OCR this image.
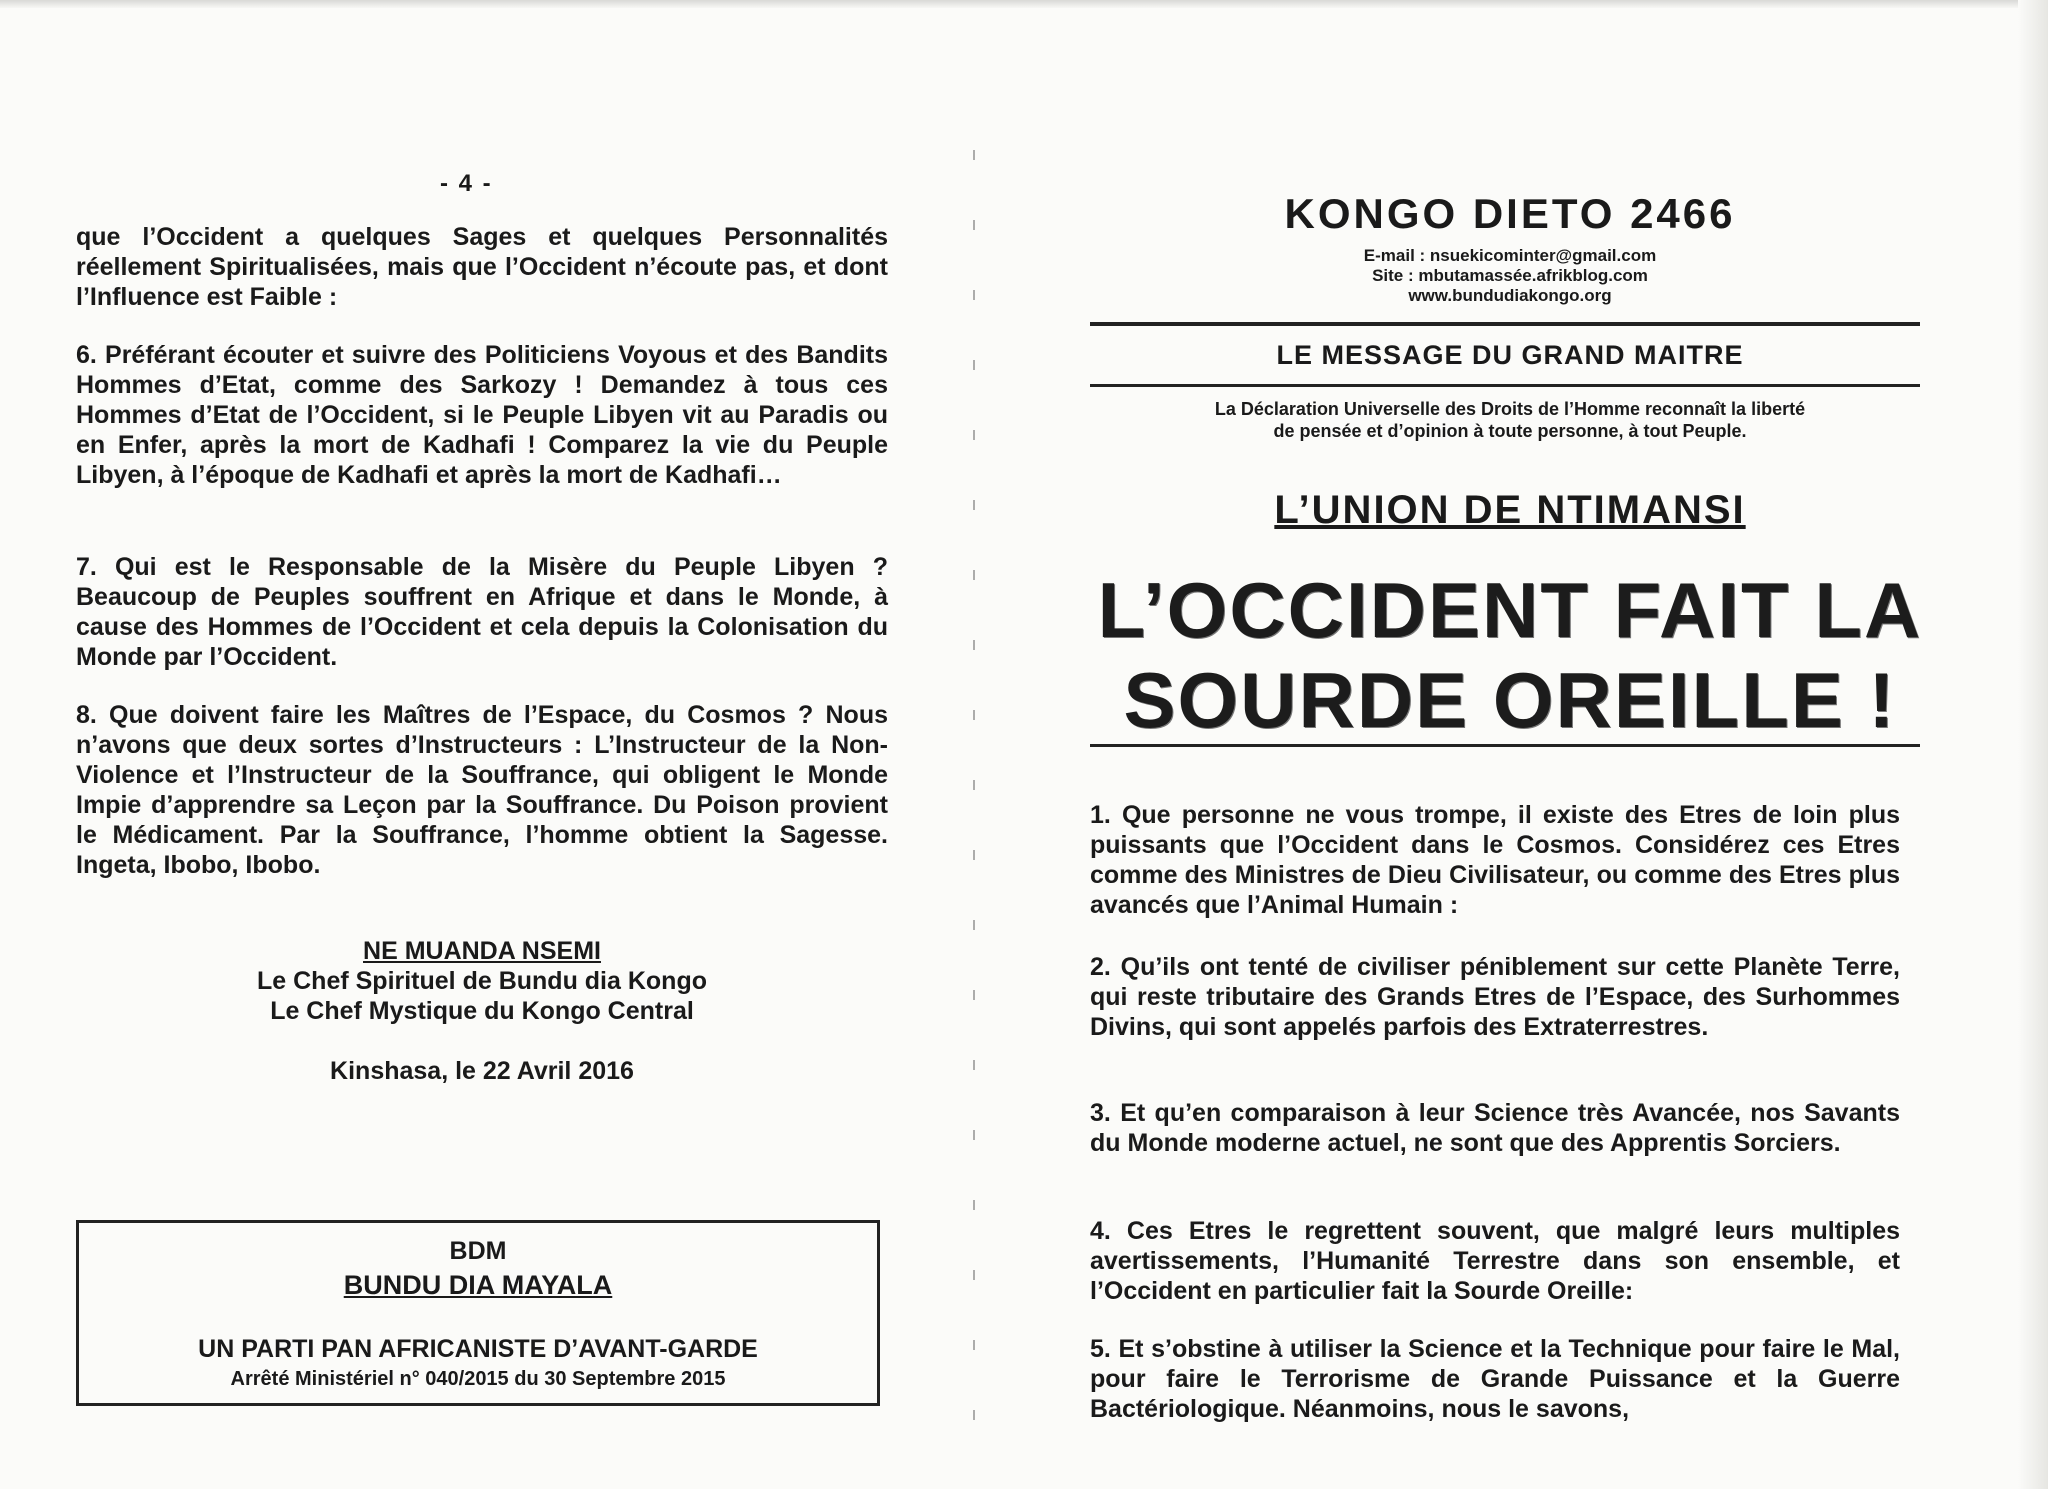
- 4 -

que l’Occident a quelques Sages et quelques Personnalités réellement Spiritualisées, mais que l’Occident n’écoute pas, et dont l’Influence est Faible :

6. Préférant écouter et suivre des Politiciens Voyous et des Bandits Hommes d’Etat, comme des Sarkozy ! Demandez à tous ces Hommes d’Etat de l’Occident, si le Peuple Libyen vit au Paradis ou en Enfer, après la mort de Kadhafi ! Comparez la vie du Peuple Libyen, à l’époque de Kadhafi et après la mort de Kadhafi…

7. Qui est le Responsable de la Misère du Peuple Libyen ? Beaucoup de Peuples souffrent en Afrique et dans le Monde, à cause des Hommes de l’Occident et cela depuis la Colonisation du Monde par l’Occident.

8. Que doivent faire les Maîtres de l’Espace, du Cosmos ? Nous n’avons que deux sortes d’Instructeurs : L’Instructeur de la Non-Violence et l’Instructeur de la Souffrance, qui obligent le Monde Impie d’apprendre sa Leçon par la Souffrance. Du Poison provient le Médicament. Par la Souffrance, l’homme obtient la Sagesse. Ingeta, Ibobo, Ibobo.

NE MUANDA NSEMI
Le Chef Spirituel de Bundu dia Kongo
Le Chef Mystique du Kongo Central
Kinshasa, le 22 Avril 2016
BDM
BUNDU DIA MAYALA
UN PARTI PAN AFRICANISTE D’AVANT-GARDE
Arrêté Ministériel n° 040/2015 du 30 Septembre 2015
KONGO DIETO 2466
E-mail : nsuekicominter@gmail.com
Site : mbutamassée.afrikblog.com
www.bundudiakongo.org
LE MESSAGE DU GRAND MAITRE
La Déclaration Universelle des Droits de l’Homme reconnaît la liberté
de pensée et d’opinion à toute personne, à tout Peuple.
L’UNION DE NTIMANSI
L’OCCIDENT FAIT LA
SOURDE OREILLE !

1. Que personne ne vous trompe, il existe des Etres de loin plus puissants que l’Occident dans le Cosmos. Considérez ces Etres comme des Ministres de Dieu Civilisateur, ou comme des Etres plus avancés que l’Animal Humain :

2. Qu’ils ont tenté de civiliser péniblement sur cette Planète Terre, qui reste tributaire des Grands Etres de l’Espace, des Surhommes Divins, qui sont appelés parfois des Extraterrestres.

3. Et qu’en comparaison à leur Science très Avancée, nos Savants du Monde moderne actuel, ne sont que des Apprentis Sorciers.

4. Ces Etres le regrettent souvent, que malgré leurs multiples avertissements, l’Humanité Terrestre dans son ensemble, et l’Occident en particulier fait la Sourde Oreille:

5. Et s’obstine à utiliser la Science et la Technique pour faire le Mal, pour faire le Terrorisme de Grande Puissance et la Guerre Bactériologique. Néanmoins, nous le savons,
